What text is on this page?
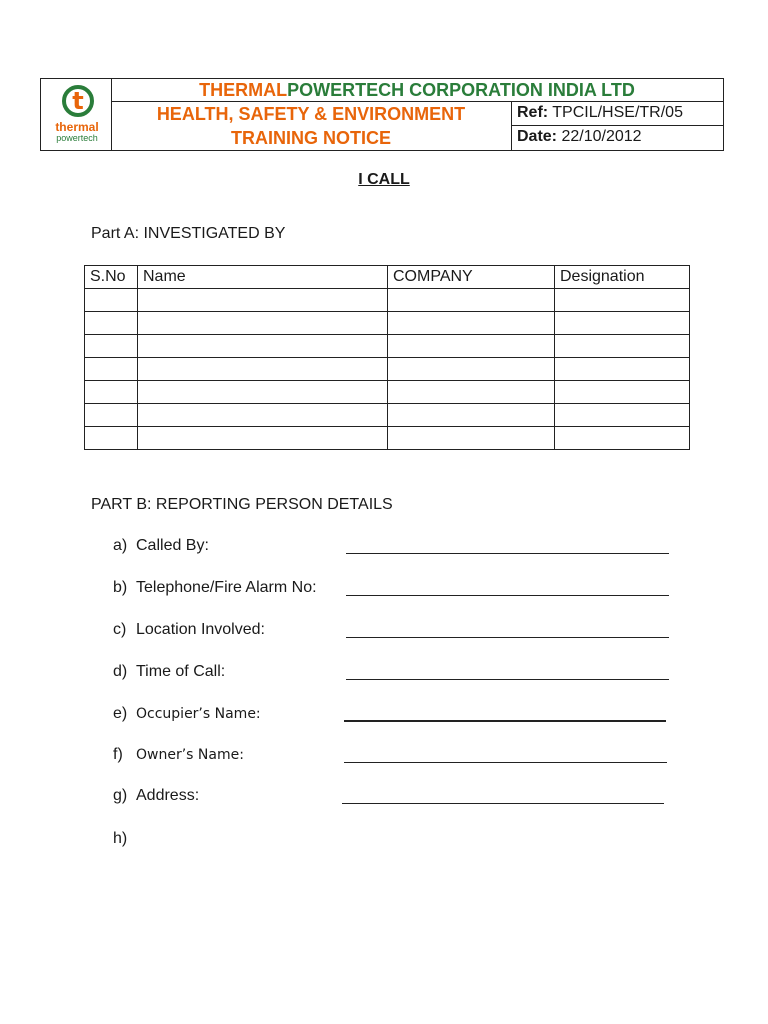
t
thermal
powertech
THERMALPOWERTECH CORPORATION INDIA LTD
HEALTH, SAFETY & ENVIRONMENT
TRAINING NOTICE
Ref: TPCIL/HSE/TR/05
Date: 22/10/2012
I CALL
Part A: INVESTIGATED BY
S.No	Name	COMPANY	Designation

PART B: REPORTING PERSON DETAILS
a) Called By:
b) Telephone/Fire Alarm No:
c) Location Involved:
d) Time of Call:
e) Occupier’s Name:
f) Owner’s Name:
g) Address:
h)
